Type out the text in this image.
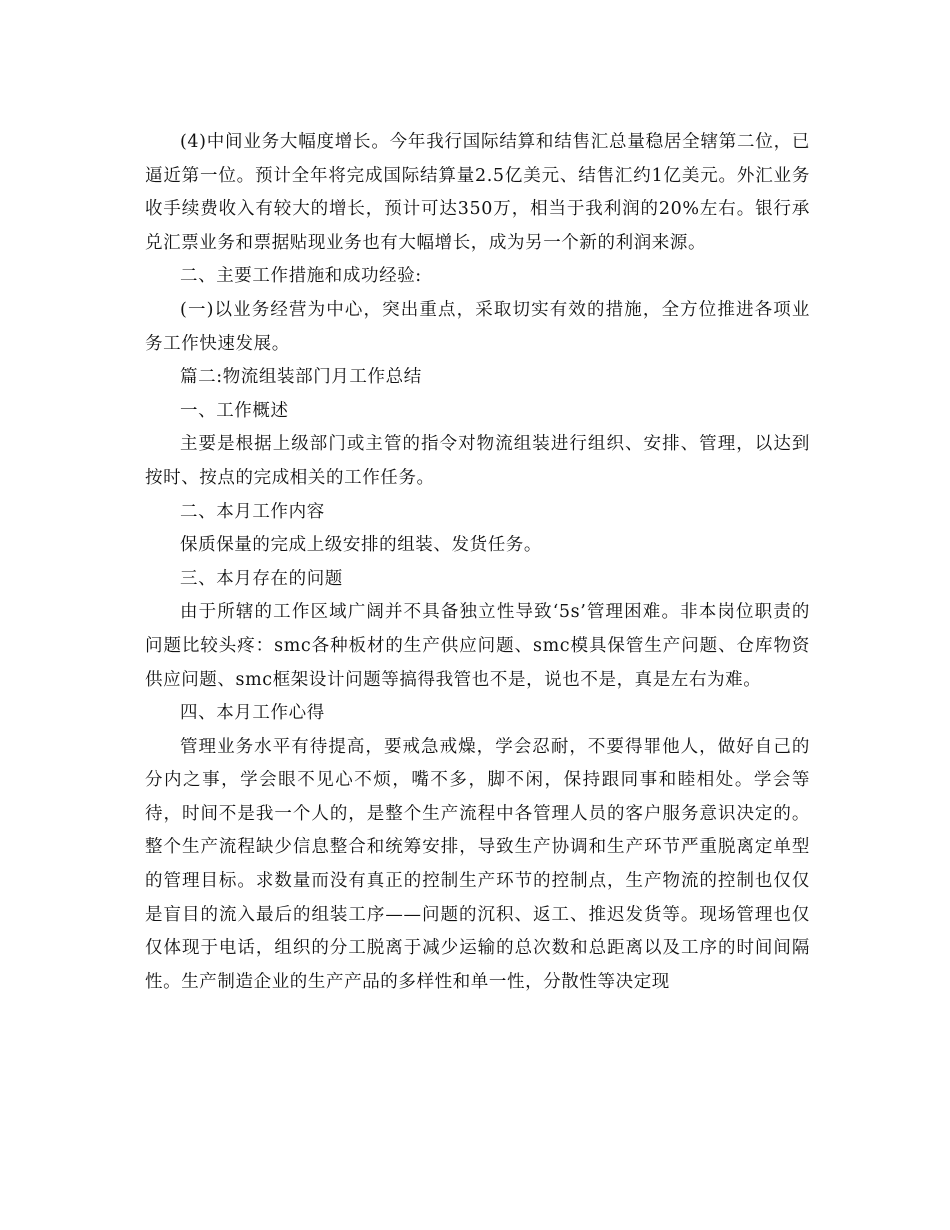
(4)中间业务大幅度增长。今年我行国际结算和结售汇总量稳居全辖第二位，已逼近第一位。预计全年将完成国际结算量2.5亿美元、结售汇约1亿美元。外汇业务收手续费收入有较大的增长，预计可达350万，相当于我利润的20%左右。银行承兑汇票业务和票据贴现业务也有大幅增长，成为另一个新的利润来源。

二、主要工作措施和成功经验:

(一)以业务经营为中心，突出重点，采取切实有效的措施，全方位推进各项业务工作快速发展。

篇二:物流组装部门月工作总结

一、工作概述

主要是根据上级部门或主管的指令对物流组装进行组织、安排、管理，以达到按时、按点的完成相关的工作任务。

二、本月工作内容

保质保量的完成上级安排的组装、发货任务。

三、本月存在的问题

由于所辖的工作区域广阔并不具备独立性导致‘5s’管理困难。非本岗位职责的问题比较头疼：smc各种板材的生产供应问题、smc模具保管生产问题、仓库物资供应问题、smc框架设计问题等搞得我管也不是，说也不是，真是左右为难。

四、本月工作心得

管理业务水平有待提高，要戒急戒燥，学会忍耐，不要得罪他人，做好自己的分内之事，学会眼不见心不烦，嘴不多，脚不闲，保持跟同事和睦相处。学会等待，时间不是我一个人的，是整个生产流程中各管理人员的客户服务意识决定的。整个生产流程缺少信息整合和统筹安排，导致生产协调和生产环节严重脱离定单型的管理目标。求数量而没有真正的控制生产环节的控制点，生产物流的控制也仅仅是盲目的流入最后的组装工序——问题的沉积、返工、推迟发货等。现场管理也仅仅体现于电话，组织的分工脱离于减少运输的总次数和总距离以及工序的时间间隔性。生产制造企业的生产产品的多样性和单一性，分散性等决定现
